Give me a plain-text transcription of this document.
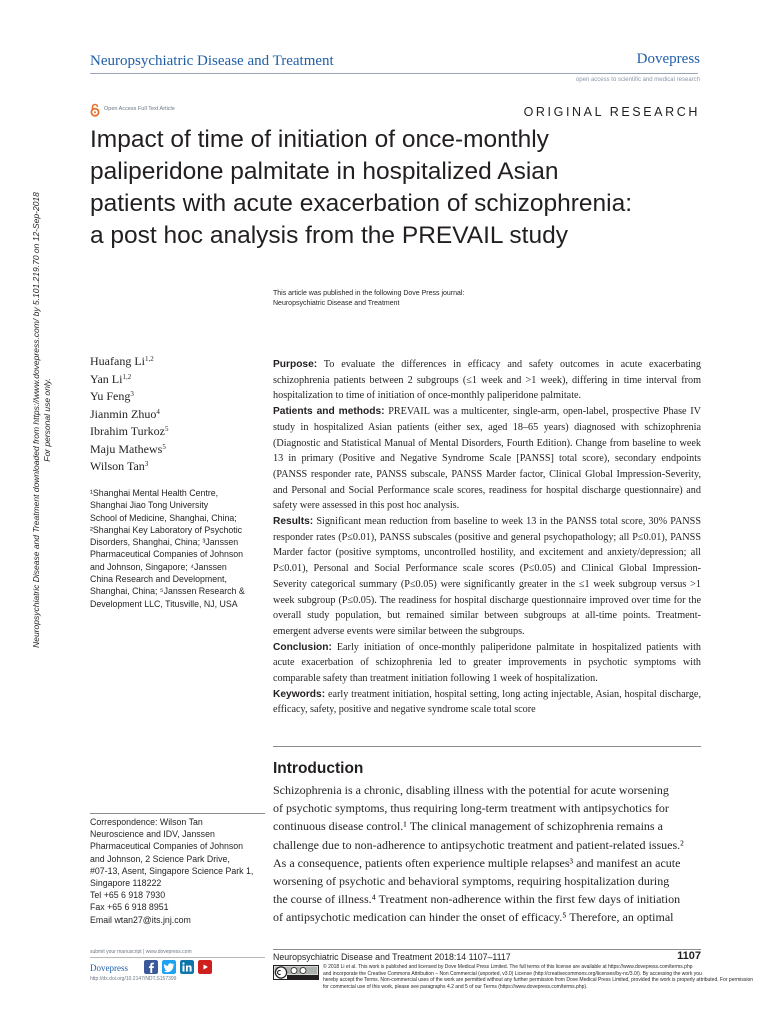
Neuropsychiatric Disease and Treatment	Dovepress
open access to scientific and medical research
Open Access Full Text Article	ORIGINAL RESEARCH
Impact of time of initiation of once-monthly
paliperidone palmitate in hospitalized Asian
patients with acute exacerbation of schizophrenia:
a post hoc analysis from the PREVAIL study
This article was published in the following Dove Press journal:
Neuropsychiatric Disease and Treatment
Neuropsychiatric Disease and Treatment downloaded from https://www.dovepress.com/ by 5.101.219.70 on 12-Sep-2018 For personal use only.
Huafang Li$^{1,2}$
Yan Li$^{1,2}$
Yu Feng$^3$
Jianmin Zhuo$^4$
Ibrahim Turkoz$^5$
Maju Mathews$^5$
Wilson Tan$^3$
¹Shanghai Mental Health Centre,
Shanghai Jiao Tong University
School of Medicine, Shanghai, China;
²Shanghai Key Laboratory of Psychotic
Disorders, Shanghai, China; ³Janssen
Pharmaceutical Companies of Johnson
and Johnson, Singapore; ⁴Janssen
China Research and Development,
Shanghai, China; ⁵Janssen Research &
Development LLC, Titusville, NJ, USA

Purpose: To evaluate the differences in efficacy and safety outcomes in acute exacerbating schizophrenia patients between 2 subgroups (≤1 week and >1 week), differing in time interval from hospitalization to time of initiation of once-monthly paliperidone palmitate.

Patients and methods: PREVAIL was a multicenter, single-arm, open-label, prospective Phase IV study in hospitalized Asian patients (either sex, aged 18–65 years) diagnosed with schizophrenia (Diagnostic and Statistical Manual of Mental Disorders, Fourth Edition). Change from baseline to week 13 in primary (Positive and Negative Syndrome Scale [PANSS] total score), secondary endpoints (PANSS responder rate, PANSS subscale, PANSS Marder factor, Clinical Global Impression-Severity, and Personal and Social Performance scale scores, readiness for hospital discharge questionnaire) and safety were assessed in this post hoc analysis.

Results: Significant mean reduction from baseline to week 13 in the PANSS total score, 30% PANSS responder rates (P≤0.01), PANSS subscales (positive and general psychopathology; all P≤0.01), PANSS Marder factor (positive symptoms, uncontrolled hostility, and excitement and anxiety/depression; all P≤0.01), Personal and Social Performance scale scores (P≤0.05) and Clinical Global Impression-Severity categorical summary (P≤0.05) were significantly greater in the ≤1 week subgroup versus >1 week subgroup (P≤0.05). The readiness for hospital discharge questionnaire improved over time for the overall study population, but remained similar between subgroups at all-time points. Treatment-emergent adverse events were similar between the subgroups.

Conclusion: Early initiation of once-monthly paliperidone palmitate in hospitalized patients with acute exacerbation of schizophrenia led to greater improvements in psychotic symptoms with comparable safety than treatment initiation following 1 week of hospitalization.

Keywords: early treatment initiation, hospital setting, long acting injectable, Asian, hospital discharge, efficacy, safety, positive and negative syndrome scale total score

Introduction
Schizophrenia is a chronic, disabling illness with the potential for acute worsening
of psychotic symptoms, thus requiring long-term treatment with antipsychotics for
continuous disease control.¹ The clinical management of schizophrenia remains a
challenge due to non-adherence to antipsychotic treatment and patient-related issues.²
As a consequence, patients often experience multiple relapses³ and manifest an acute
worsening of psychotic and behavioral symptoms, requiring hospitalization during
the course of illness.⁴ Treatment non-adherence within the first few days of initiation
of antipsychotic medication can hinder the onset of efficacy.⁵ Therefore, an optimal
Correspondence: Wilson Tan
Neuroscience and IDV, Janssen
Pharmaceutical Companies of Johnson
and Johnson, 2 Science Park Drive,
#07-13, Asent, Singapore Science Park 1,
Singapore 118222
Tel +65 6 918 7930
Fax +65 6 918 8951
Email wtan27@its.jnj.com
submit your manuscript | www.dovepress.com
Dovepress
http://dx.doi.org/10.2147/NDT.S157399
Neuropsychiatric Disease and Treatment 2018:14 1107–1117	1107
© 2018 Li et al. This work is published and licensed by Dove Medical Press Limited. The full terms of this license are available at https://www.dovepress.com/terms.php
and incorporate the Creative Commons Attribution – Non Commercial (unported, v3.0) License (http://creativecommons.org/licenses/by-nc/3.0/). By accessing the work you
hereby accept the Terms. Non-commercial uses of the work are permitted without any further permission from Dove Medical Press Limited, provided the work is properly attributed. For permission
for commercial use of this work, please see paragraphs 4.2 and 5 of our Terms (https://www.dovepress.com/terms.php).
